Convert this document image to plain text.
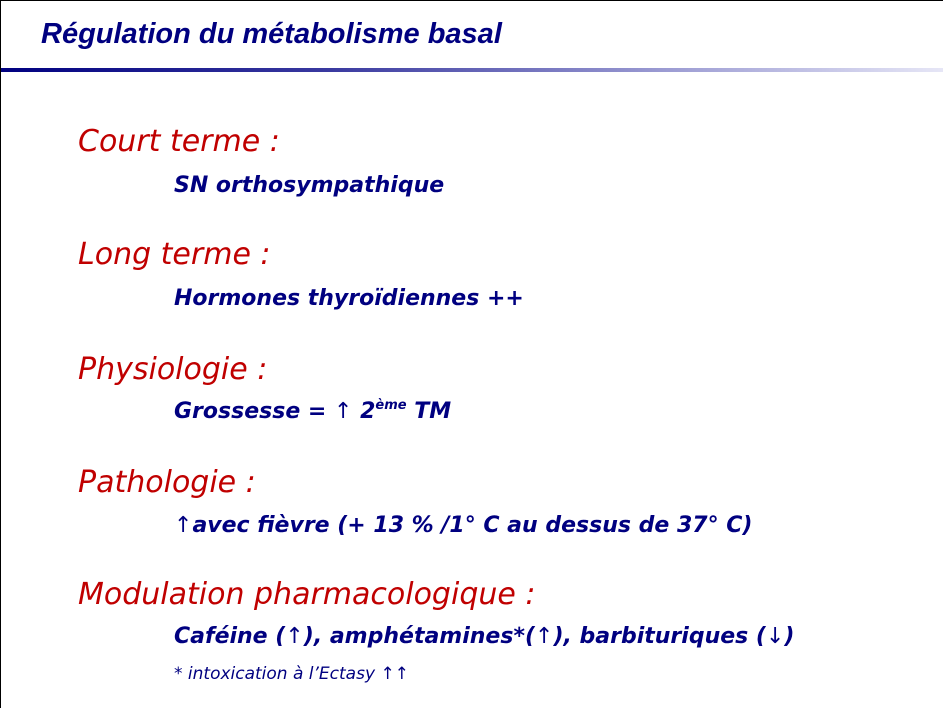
Régulation du métabolisme basal

Court terme :

SN orthosympathique

Long terme :

Hormones thyroïdiennes ++

Physiologie :

Grossesse = ↑ 2ème TM

Pathologie :

↑avec fièvre (+ 13 % /1° C au dessus de 37° C)

Modulation pharmacologique :

Caféine (↑), amphétamines*(↑), barbituriques (↓)

* intoxication à l’Ectasy ↑↑
